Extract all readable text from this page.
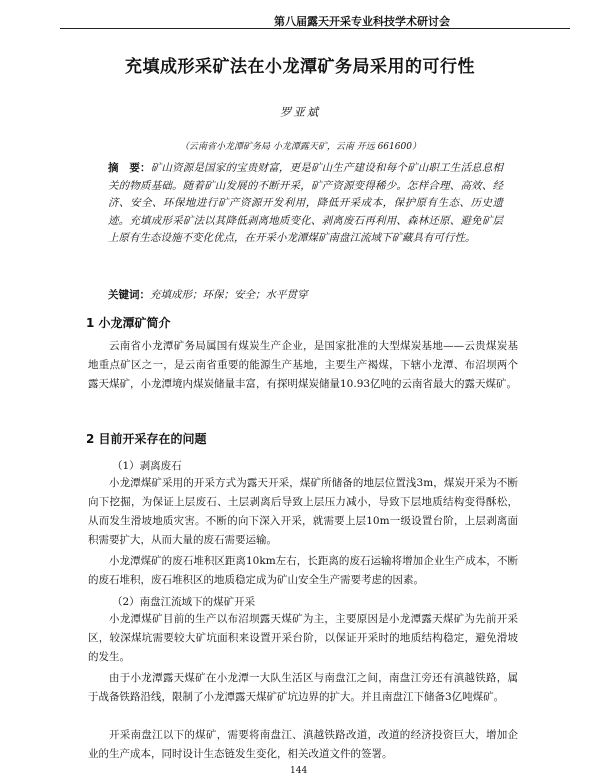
第八届露天开采专业科技学术研讨会
充填成形采矿法在小龙潭矿务局采用的可行性
罗亚斌
（云南省小龙潭矿务局 小龙潭露天矿，云南 开远 661600）
摘　要：矿山资源是国家的宝贵财富，更是矿山生产建设和每个矿山职工生活息息相关的物质基础。随着矿山发展的不断开采，矿产资源变得稀少。怎样合理、高效、经济、安全、环保地进行矿产资源开发利用，降低开采成本，保护原有生态、历史遗迹。充填成形采矿法以其降低剥离地质变化、剥离废石再利用、森林还原、避免矿层上原有生态设施不变化优点，在开采小龙潭煤矿南盘江流域下矿藏具有可行性。
关键词：充填成形；环保；安全；水平贯穿
1 小龙潭矿简介
云南省小龙潭矿务局属国有煤炭生产企业，是国家批准的大型煤炭基地——云贵煤炭基地重点矿区之一，是云南省重要的能源生产基地，主要生产褐煤，下辖小龙潭、布沼坝两个露天煤矿，小龙潭境内煤炭储量丰富，有探明煤炭储量10.93亿吨的云南省最大的露天煤矿。
2 目前开采存在的问题
（1）剥离废石
小龙潭煤矿采用的开采方式为露天开采，煤矿所储备的地层位置浅3m，煤炭开采为不断向下挖掘，为保证上层废石、土层剥离后导致上层压力减小，导致下层地质结构变得酥松，从而发生滑坡地质灾害。不断的向下深入开采，就需要上层10m一级设置台阶，上层剥离面积需要扩大，从而大量的废石需要运输。
小龙潭煤矿的废石堆积区距离10km左右，长距离的废石运输将增加企业生产成本，不断的废石堆积，废石堆积区的地质稳定成为矿山安全生产需要考虑的因素。
（2）南盘江流域下的煤矿开采
小龙潭煤矿目前的生产以布沼坝露天煤矿为主，主要原因是小龙潭露天煤矿为先前开采区，较深煤坑需要较大矿坑面积来设置开采台阶，以保证开采时的地质结构稳定，避免滑坡的发生。
由于小龙潭露天煤矿在小龙潭一大队生活区与南盘江之间，南盘江旁还有滇越铁路，属于战备铁路沿线，限制了小龙潭露天煤矿矿坑边界的扩大。并且南盘江下储备3亿吨煤矿。
开采南盘江以下的煤矿，需要将南盘江、滇越铁路改道，改道的经济投资巨大，增加企业的生产成本，同时设计生态链发生变化，相关改道文件的签署。
144
